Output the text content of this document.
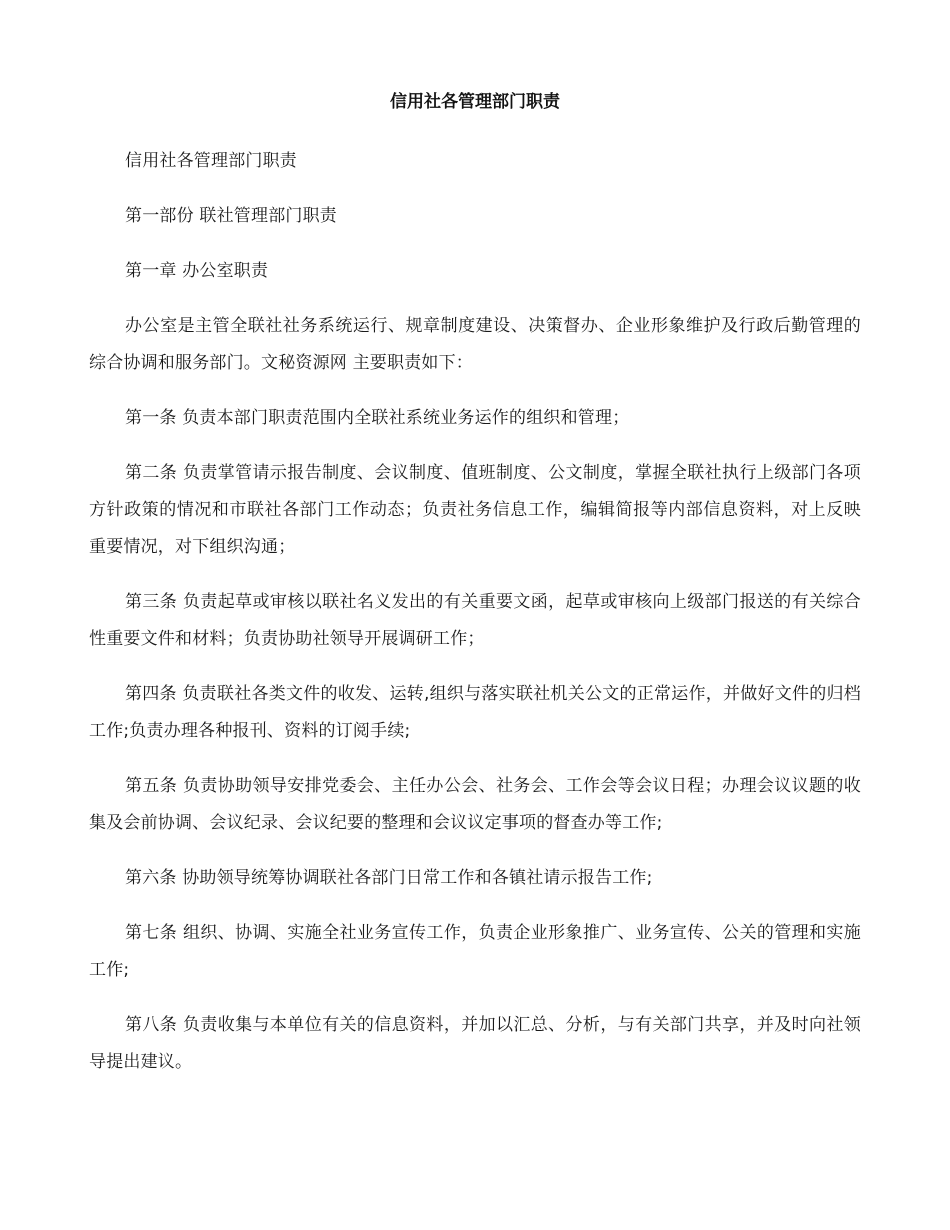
信用社各管理部门职责

信用社各管理部门职责

第一部份 联社管理部门职责

第一章 办公室职责

办公室是主管全联社社务系统运行、规章制度建设、决策督办、企业形象维护及行政后勤管理的综合协调和服务部门。文秘资源网 主要职责如下：

第一条 负责本部门职责范围内全联社系统业务运作的组织和管理；

第二条 负责掌管请示报告制度、会议制度、值班制度、公文制度，掌握全联社执行上级部门各项方针政策的情况和市联社各部门工作动态；负责社务信息工作，编辑简报等内部信息资料，对上反映重要情况，对下组织沟通；

第三条 负责起草或审核以联社名义发出的有关重要文函，起草或审核向上级部门报送的有关综合性重要文件和材料；负责协助社领导开展调研工作；

第四条 负责联社各类文件的收发、运转,组织与落实联社机关公文的正常运作，并做好文件的归档工作;负责办理各种报刊、资料的订阅手续;

第五条 负责协助领导安排党委会、主任办公会、社务会、工作会等会议日程；办理会议议题的收集及会前协调、会议纪录、会议纪要的整理和会议议定事项的督查办等工作;

第六条 协助领导统筹协调联社各部门日常工作和各镇社请示报告工作;

第七条 组织、协调、实施全社业务宣传工作，负责企业形象推广、业务宣传、公关的管理和实施工作;

第八条 负责收集与本单位有关的信息资料，并加以汇总、分析，与有关部门共享，并及时向社领导提出建议。
